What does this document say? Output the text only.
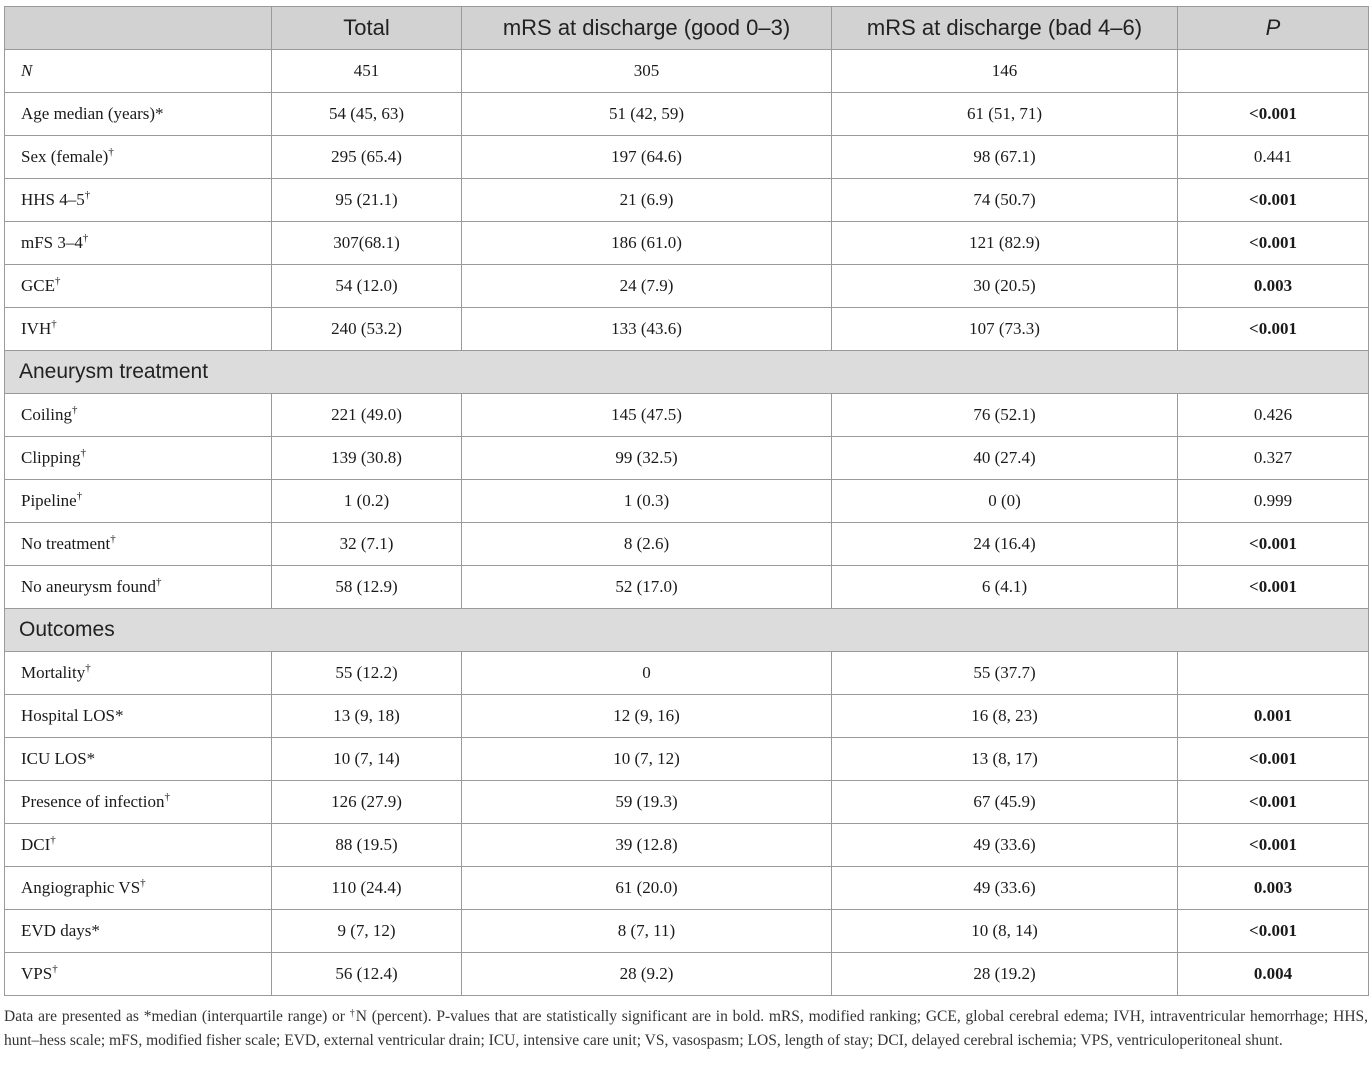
	Total	mRS at discharge (good 0–3)	mRS at discharge (bad 4–6)	P
N	451	305	146	
Age median (years)*	54 (45, 63)	51 (42, 59)	61 (51, 71)	<0.001
Sex (female)†	295 (65.4)	197 (64.6)	98 (67.1)	0.441
HHS 4–5†	95 (21.1)	21 (6.9)	74 (50.7)	<0.001
mFS 3–4†	307(68.1)	186 (61.0)	121 (82.9)	<0.001
GCE†	54 (12.0)	24 (7.9)	30 (20.5)	0.003
IVH†	240 (53.2)	133 (43.6)	107 (73.3)	<0.001
Aneurysm treatment				
Coiling†	221 (49.0)	145 (47.5)	76 (52.1)	0.426
Clipping†	139 (30.8)	99 (32.5)	40 (27.4)	0.327
Pipeline†	1 (0.2)	1 (0.3)	0 (0)	0.999
No treatment†	32 (7.1)	8 (2.6)	24 (16.4)	<0.001
No aneurysm found†	58 (12.9)	52 (17.0)	6 (4.1)	<0.001
Outcomes				
Mortality†	55 (12.2)	0	55 (37.7)	
Hospital LOS*	13 (9, 18)	12 (9, 16)	16 (8, 23)	0.001
ICU LOS*	10 (7, 14)	10 (7, 12)	13 (8, 17)	<0.001
Presence of infection†	126 (27.9)	59 (19.3)	67 (45.9)	<0.001
DCI†	88 (19.5)	39 (12.8)	49 (33.6)	<0.001
Angiographic VS†	110 (24.4)	61 (20.0)	49 (33.6)	0.003
EVD days*	9 (7, 12)	8 (7, 11)	10 (8, 14)	<0.001
VPS†	56 (12.4)	28 (9.2)	28 (19.2)	0.004
Data are presented as *median (interquartile range) or †N (percent). P-values that are statistically significant are in bold. mRS, modified ranking; GCE, global cerebral edema; IVH, intraventricular hemorrhage; HHS, hunt–hess scale; mFS, modified fisher scale; EVD, external ventricular drain; ICU, intensive care unit; VS, vasospasm; LOS, length of stay; DCI, delayed cerebral ischemia; VPS, ventriculoperitoneal shunt.
